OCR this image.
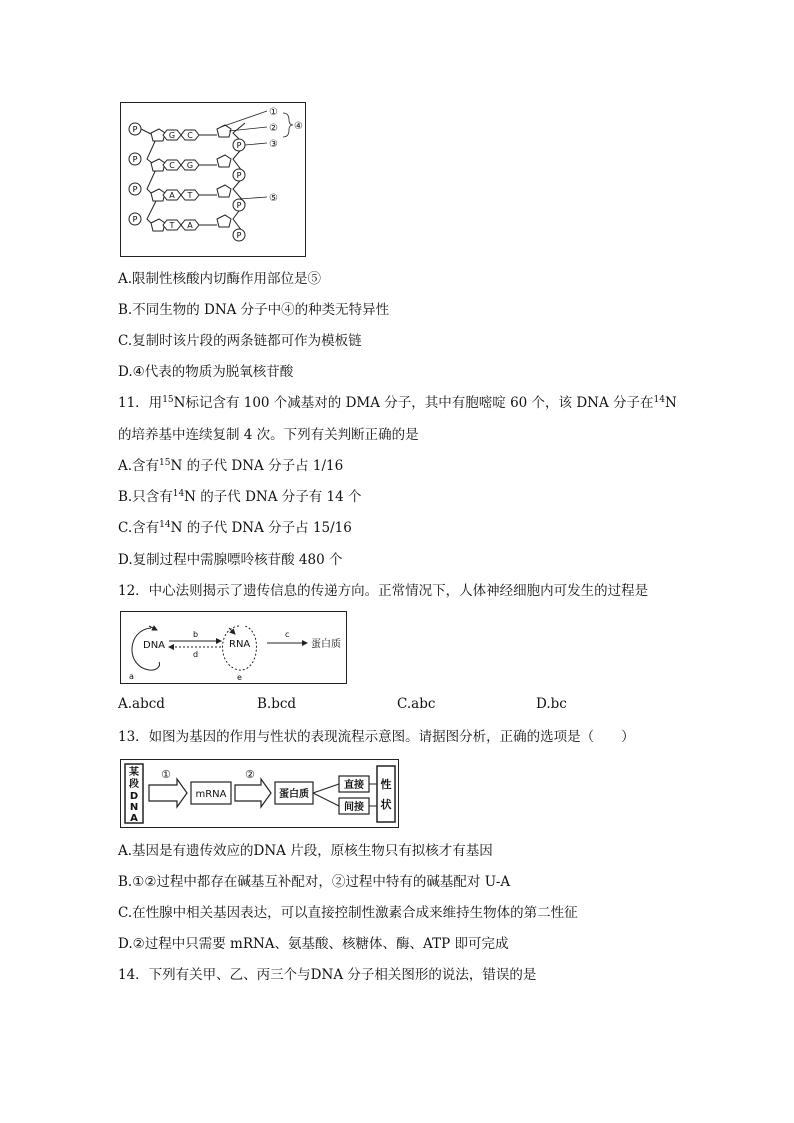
P
P
P
P
P
P
P
P
G C
C G
A T
T A
①
②
③
④
⑤
A.限制性核酸内切酶作用部位是⑤
B.不同生物的 DNA 分子中④的种类无特异性
C.复制时该片段的两条链都可作为模板链
D.④代表的物质为脱氧核苷酸
11．用$^{15}$N标记含有 100 个减基对的 DMA 分子，其中有胞嘧啶 60 个，该 DNA 分子在$^{14}$N
的培养基中连续复制 4 次。下列有关判断正确的是
A.含有$^{15}$N 的子代 DNA 分子占 1/16
B.只含有$^{14}$N 的子代 DNA 分子有 14 个
C.含有$^{14}$N 的子代 DNA 分子占 15/16
D.复制过程中需腺嘌呤核苷酸 480 个
12．中心法则揭示了遗传信息的传递方向。正常情况下，人体神经细胞内可发生的过程是
DNA	RNA	蛋白质
b
d
c
a	e
A.abcd	B.bcd	C.abc	D.bc
13．如图为基因的作用与性状的表现流程示意图。请据图分析，正确的选项是（　　）
某
段
D
N
A
①
mRNA
②
蛋白质
直接
间接
性
状
A.基因是有遗传效应的DNA 片段，原核生物只有拟核才有基因
B.①②过程中都存在碱基互补配对，②过程中特有的碱基配对 U-A
C.在性腺中相关基因表达，可以直接控制性激素合成来维持生物体的第二性征
D.②过程中只需要 mRNA、氨基酸、核糖体、酶、ATP 即可完成
14．下列有关甲、乙、丙三个与DNA 分子相关图形的说法，错误的是
